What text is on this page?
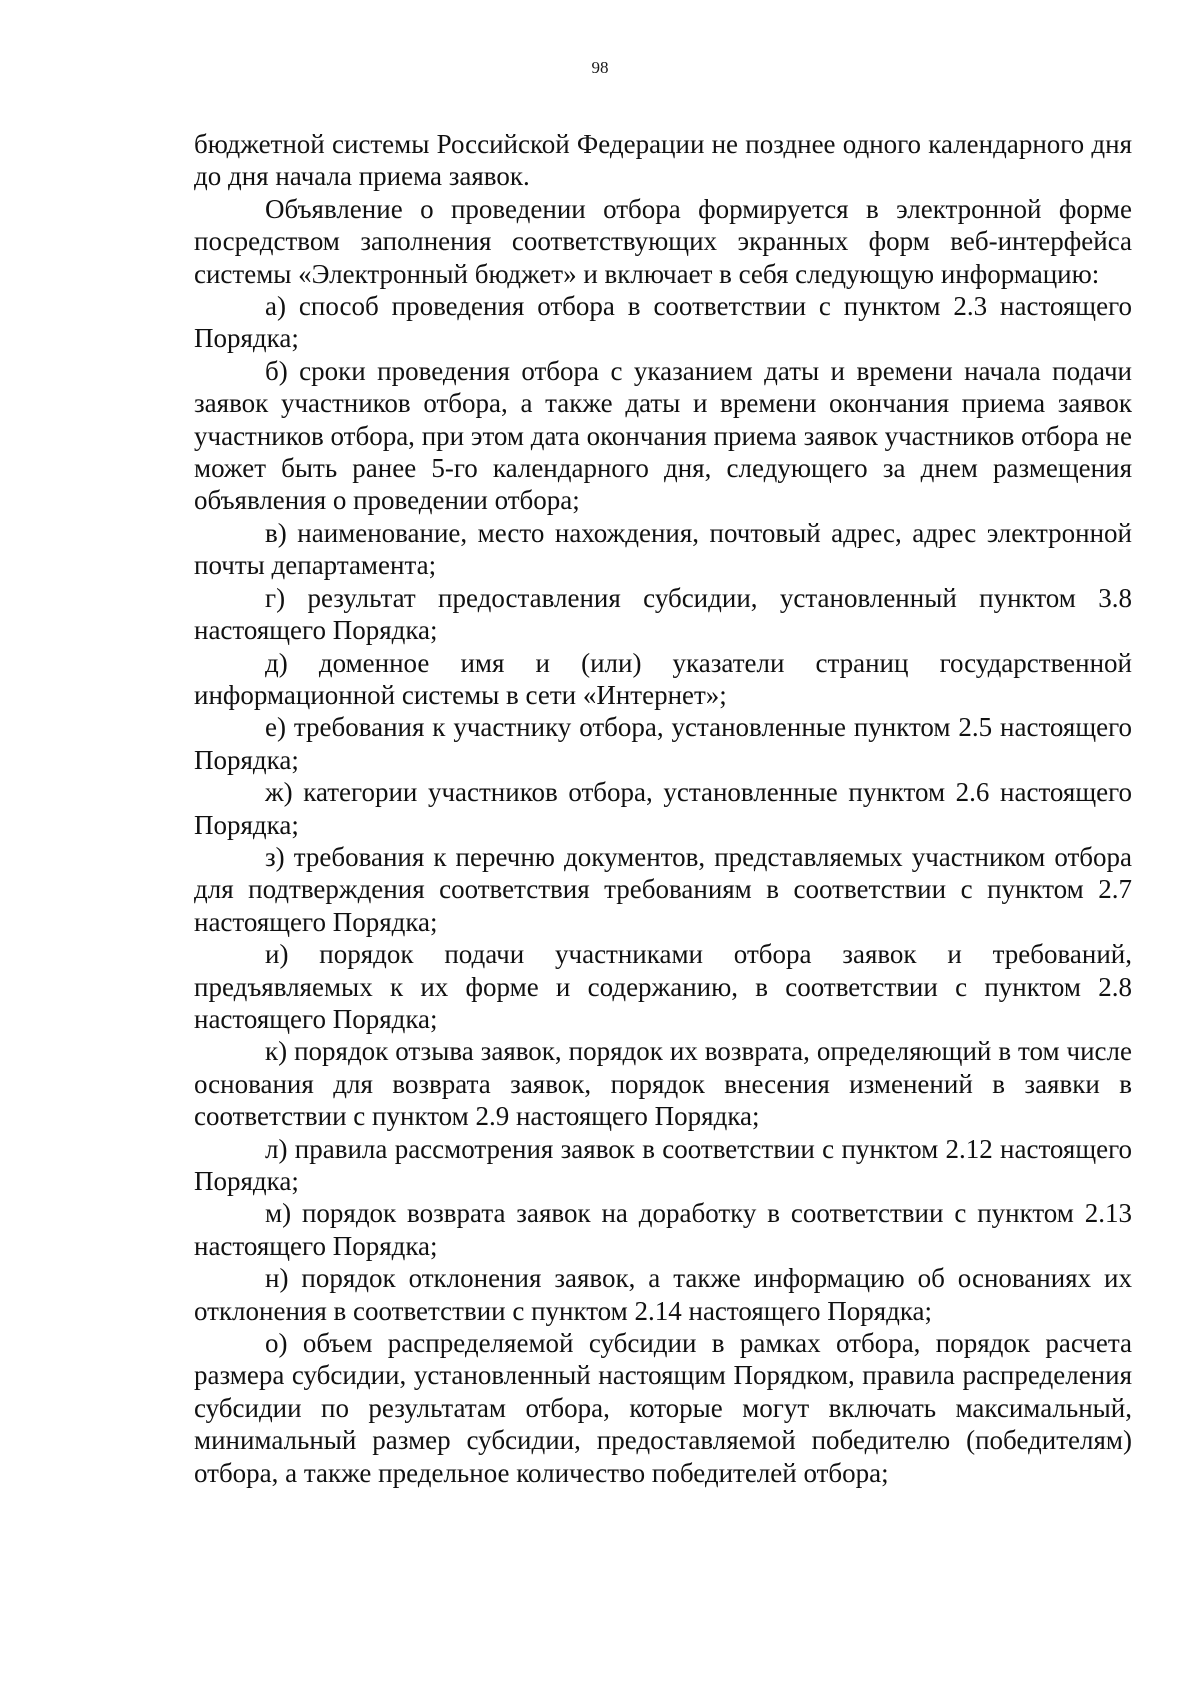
98

бюджетной системы Российской Федерации не позднее одного календарного дня до дня начала приема заявок.

Объявление о проведении отбора формируется в электронной форме посредством заполнения соответствующих экранных форм веб-интерфейса системы «Электронный бюджет» и включает в себя следующую информацию:

а) способ проведения отбора в соответствии с пунктом 2.3 настоящего Порядка;

б) сроки проведения отбора с указанием даты и времени начала подачи заявок участников отбора, а также даты и времени окончания приема заявок участников отбора, при этом дата окончания приема заявок участников отбора не может быть ранее 5-го календарного дня, следующего за днем размещения объявления о проведении отбора;

в) наименование, место нахождения, почтовый адрес, адрес электронной почты департамента;

г) результат предоставления субсидии, установленный пунктом 3.8 настоящего Порядка;

д) доменное имя и (или) указатели страниц государственной информационной системы в сети «Интернет»;

е) требования к участнику отбора, установленные пунктом 2.5 настоящего Порядка;

ж) категории участников отбора, установленные пунктом 2.6 настоящего Порядка;

з) требования к перечню документов, представляемых участником отбора для подтверждения соответствия требованиям в соответствии с пунктом 2.7 настоящего Порядка;

и) порядок подачи участниками отбора заявок и требований, предъявляемых к их форме и содержанию, в соответствии с пунктом 2.8 настоящего Порядка;

к) порядок отзыва заявок, порядок их возврата, определяющий в том числе основания для возврата заявок, порядок внесения изменений в заявки в соответствии с пунктом 2.9 настоящего Порядка;

л) правила рассмотрения заявок в соответствии с пунктом 2.12 настоящего Порядка;

м) порядок возврата заявок на доработку в соответствии с пунктом 2.13 настоящего Порядка;

н) порядок отклонения заявок, а также информацию об основаниях их отклонения в соответствии с пунктом 2.14 настоящего Порядка;

о) объем распределяемой субсидии в рамках отбора, порядок расчета размера субсидии, установленный настоящим Порядком, правила распределения субсидии по результатам отбора, которые могут включать максимальный, минимальный размер субсидии, предоставляемой победителю (победителям) отбора, а также предельное количество победителей отбора;
